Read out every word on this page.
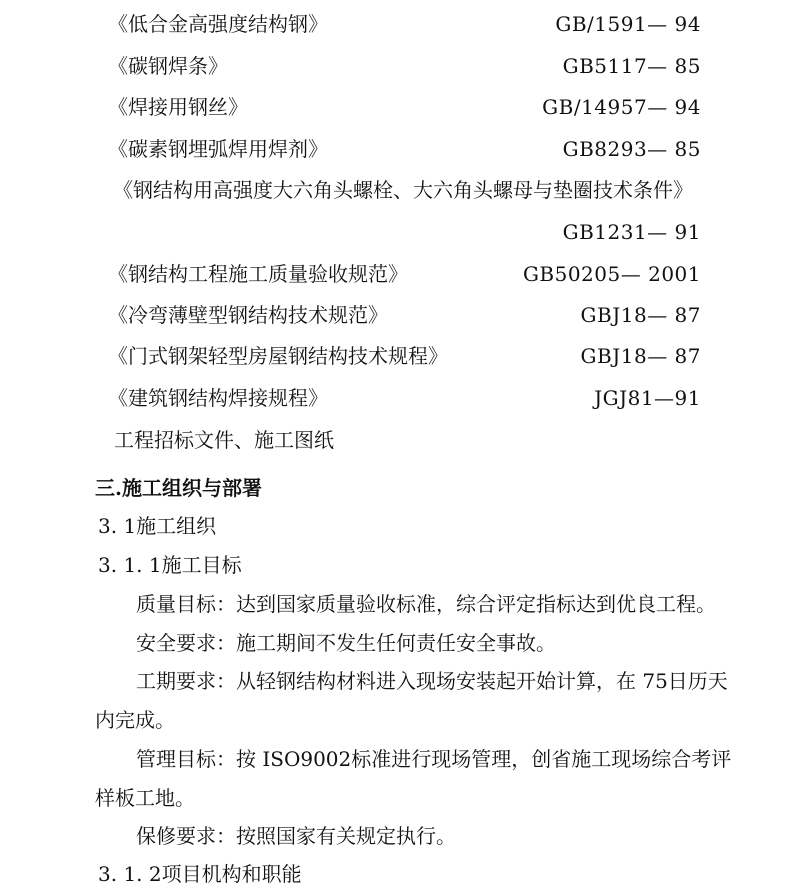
《低合金高强度结构钢》	GB/1591— 94
《碳钢焊条》	GB5117— 85
《焊接用钢丝》	GB/14957— 94
《碳素钢埋弧焊用焊剂》	GB8293— 85
《钢结构用高强度大六角头螺栓、大六角头螺母与垫圈技术条件》
GB1231— 91
《钢结构工程施工质量验收规范》	GB50205— 2001
《冷弯薄壁型钢结构技术规范》	GBJ18— 87
《门式钢架轻型房屋钢结构技术规程》	GBJ18— 87
《建筑钢结构焊接规程》	JGJ81—91
工程招标文件、施工图纸
三.施工组织与部署
3. 1施工组织
3. 1. 1施工目标
质量目标：达到国家质量验收标准，综合评定指标达到优良工程。
安全要求：施工期间不发生任何责任安全事故。
工期要求：从轻钢结构材料进入现场安装起开始计算，在 75日历天
内完成。
管理目标：按 ISO9002标准进行现场管理，创省施工现场综合考评
样板工地。
保修要求：按照国家有关规定执行。
3. 1. 2项目机构和职能
